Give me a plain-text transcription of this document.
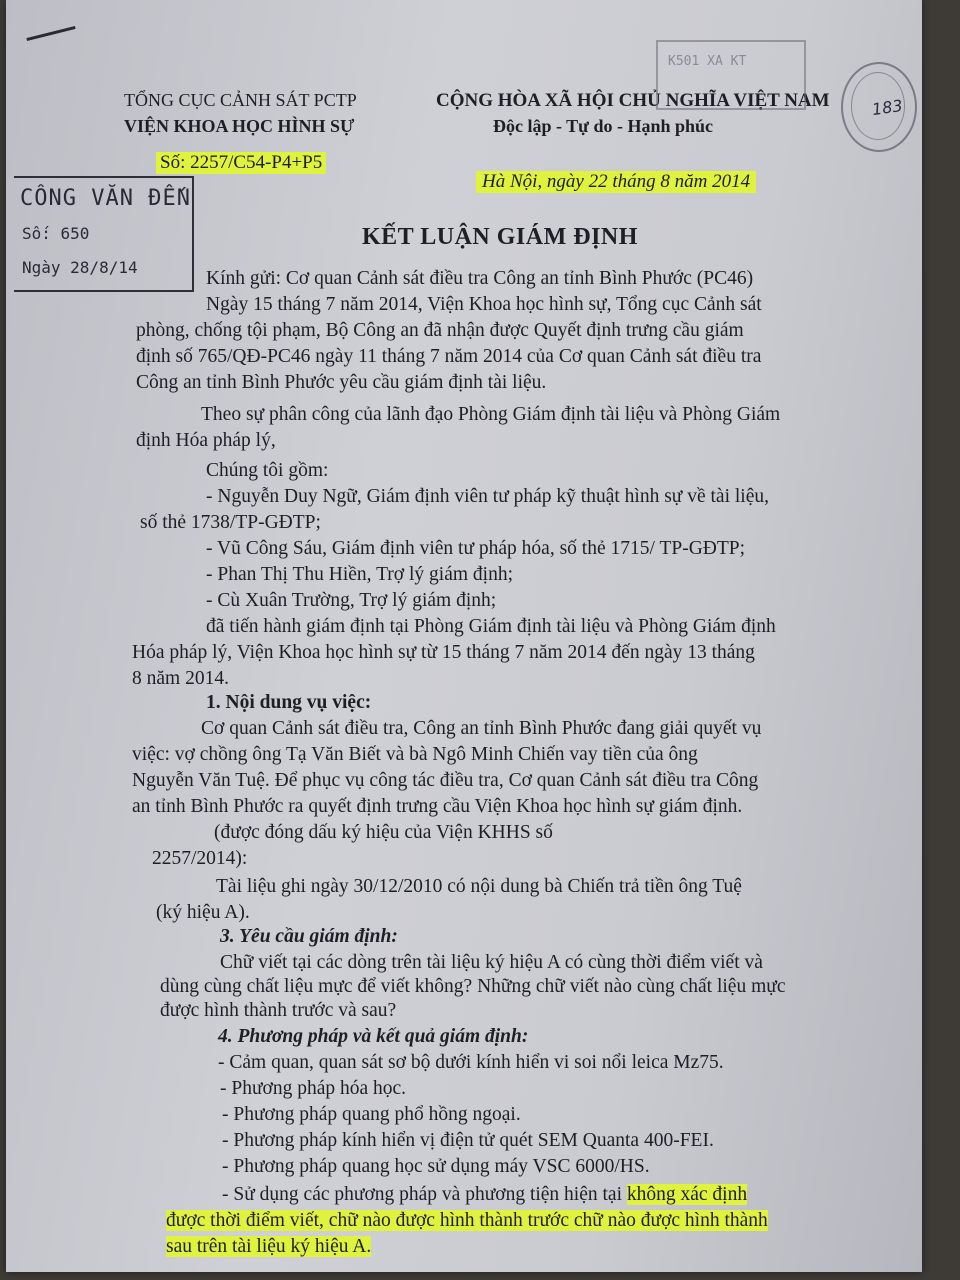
TỔNG CỤC CẢNH SÁT PCTP
VIỆN KHOA HỌC HÌNH SỰ
Số: 2257/C54-P4+P5
CỘNG HÒA XÃ HỘI CHỦ NGHĨA VIỆT NAM
Độc lập - Tự do - Hạnh phúc
K501 XA KT
183
CÔNG VĂN ĐẾN
Số: 650
Ngày 28/8/14
Hà Nội, ngày 22 tháng 8 năm 2014
KẾT LUẬN GIÁM ĐỊNH
Kính gửi: Cơ quan Cảnh sát điều tra Công an tỉnh Bình Phước (PC46)
Ngày 15 tháng 7 năm 2014, Viện Khoa học hình sự, Tổng cục Cảnh sát
phòng, chống tội phạm, Bộ Công an đã nhận được Quyết định trưng cầu giám
định số 765/QĐ-PC46 ngày 11 tháng 7 năm 2014 của Cơ quan Cảnh sát điều tra
Công an tỉnh Bình Phước yêu cầu giám định tài liệu.
Theo sự phân công của lãnh đạo Phòng Giám định tài liệu và Phòng Giám
định Hóa pháp lý,
Chúng tôi gồm:
- Nguyễn Duy Ngữ, Giám định viên tư pháp kỹ thuật hình sự về tài liệu,
số thẻ 1738/TP-GĐTP;
- Vũ Công Sáu, Giám định viên tư pháp hóa, số thẻ 1715/ TP-GĐTP;
- Phan Thị Thu Hiền, Trợ lý giám định;
- Cù Xuân Trường, Trợ lý giám định;
đã tiến hành giám định tại Phòng Giám định tài liệu và Phòng Giám định
Hóa pháp lý, Viện Khoa học hình sự từ 15 tháng 7 năm 2014 đến ngày 13 tháng
8 năm 2014.
1. Nội dung vụ việc:
Cơ quan Cảnh sát điều tra, Công an tỉnh Bình Phước đang giải quyết vụ
việc: vợ chồng ông Tạ Văn Biết và bà Ngô Minh Chiến vay tiền của ông
Nguyễn Văn Tuệ. Để phục vụ công tác điều tra, Cơ quan Cảnh sát điều tra Công
an tỉnh Bình Phước ra quyết định trưng cầu Viện Khoa học hình sự giám định.
(được đóng dấu ký hiệu của Viện KHHS số
2257/2014):
Tài liệu ghi ngày 30/12/2010 có nội dung bà Chiến trả tiền ông Tuệ
(ký hiệu A).
3. Yêu cầu giám định:
Chữ viết tại các dòng trên tài liệu ký hiệu A có cùng thời điểm viết và
dùng cùng chất liệu mực để viết không? Những chữ viết nào cùng chất liệu mực
được hình thành trước và sau?
4. Phương pháp và kết quả giám định:
- Cảm quan, quan sát sơ bộ dưới kính hiển vi soi nổi leica Mz75.
- Phương pháp hóa học.
- Phương pháp quang phổ hồng ngoại.
- Phương pháp kính hiển vị điện tử quét SEM Quanta 400-FEI.
- Phương pháp quang học sử dụng máy VSC 6000/HS.
- Sử dụng các phương pháp và phương tiện hiện tại không xác định
được thời điểm viết, chữ nào được hình thành trước chữ nào được hình thành
sau trên tài liệu ký hiệu A.
